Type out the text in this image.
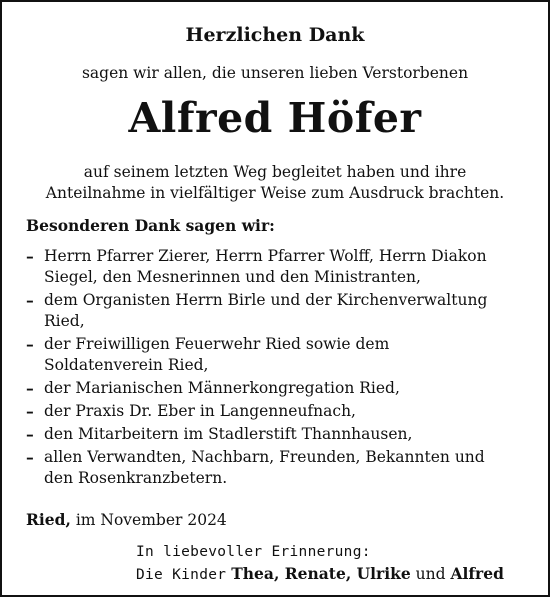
Herzlichen Dank
sagen wir allen, die unseren lieben Verstorbenen
Alfred Höfer
auf seinem letzten Weg begleitet haben und ihre
Anteilnahme in vielfältiger Weise zum Ausdruck brachten.
Besonderen Dank sagen wir:
– Herrn Pfarrer Zierer, Herrn Pfarrer Wolff, Herrn Diakon
Siegel, den Mesnerinnen und den Ministranten,
– dem Organisten Herrn Birle und der Kirchenverwaltung
Ried,
– der Freiwilligen Feuerwehr Ried sowie dem
Soldatenverein Ried,
– der Marianischen Männerkongregation Ried,
– der Praxis Dr. Eber in Langenneufnach,
– den Mitarbeitern im Stadlerstift Thannhausen,
– allen Verwandten, Nachbarn, Freunden, Bekannten und
den Rosenkranzbetern.
Ried, im November 2024
In liebevoller Erinnerung:
Die Kinder Thea, Renate, Ulrike und Alfred
